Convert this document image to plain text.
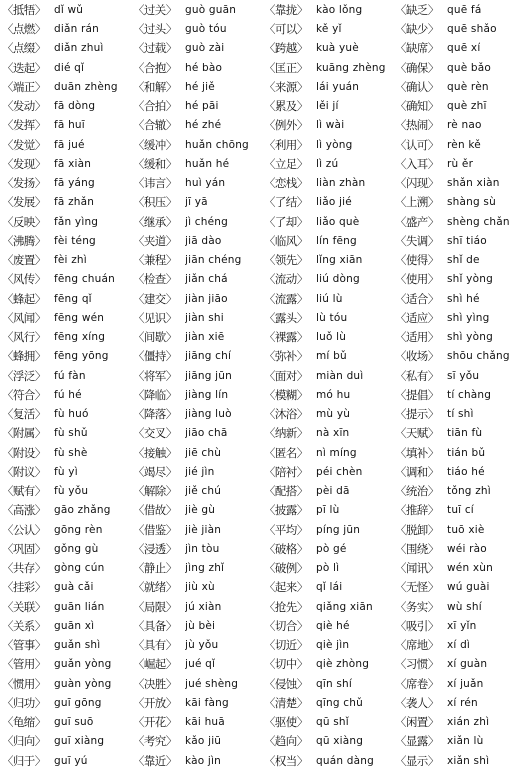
〈抵牾〉 dǐ wǔ
〈点燃〉 diǎn rán
〈点缀〉 diǎn zhuì
〈迭起〉 dié qǐ
〈端正〉 duān zhèng
〈发动〉 fā dòng
〈发挥〉 fā huī
〈发觉〉 fā jué
〈发现〉 fā xiàn
〈发扬〉 fā yáng
〈发展〉 fā zhǎn
〈反映〉 fǎn yìng
〈沸腾〉 fèi téng
〈废置〉 fèi zhì
〈风传〉 fēng chuán
〈蜂起〉 fēng qǐ
〈风闻〉 fēng wén
〈风行〉 fēng xíng
〈蜂拥〉 fēng yōng
〈浮泛〉 fú fàn
〈符合〉 fú hé
〈复活〉 fù huó
〈附属〉 fù shǔ
〈附设〉 fù shè
〈附议〉 fù yì
〈赋有〉 fù yǒu
〈高涨〉 gāo zhǎng
〈公认〉 gōng rèn
〈巩固〉 gǒng gù
〈共存〉 gòng cún
〈挂彩〉 guà cǎi
〈关联〉 guān lián
〈关系〉 guān xì
〈管事〉 guǎn shì
〈管用〉 guǎn yòng
〈惯用〉 guàn yòng
〈归功〉 guī gōng
〈龟缩〉 guī suō
〈归向〉 guī xiàng
〈归于〉 guī yú
〈过关〉 guò guān
〈过头〉 guò tóu
〈过载〉 guò zài
〈合抱〉 hé bào
〈和解〉 hé jiě
〈合拍〉 hé pāi
〈合辙〉 hé zhé
〈缓冲〉 huǎn chōng
〈缓和〉 huǎn hé
〈讳言〉 huì yán
〈积压〉 jī yā
〈继承〉 jì chéng
〈夹道〉 jiā dào
〈兼程〉 jiān chéng
〈检查〉 jiǎn chá
〈建交〉 jiàn jiāo
〈见识〉 jiàn shi
〈间歇〉 jiàn xiē
〈僵持〉 jiāng chí
〈将军〉 jiāng jūn
〈降临〉 jiàng lín
〈降落〉 jiàng luò
〈交叉〉 jiāo chā
〈接触〉 jiē chù
〈竭尽〉 jié jìn
〈解除〉 jiě chú
〈借故〉 jiè gù
〈借鉴〉 jiè jiàn
〈浸透〉 jìn tòu
〈静止〉 jìng zhǐ
〈就绪〉 jiù xù
〈局限〉 jú xiàn
〈具备〉 jù bèi
〈具有〉 jù yǒu
〈崛起〉 jué qǐ
〈决胜〉 jué shèng
〈开放〉 kāi fàng
〈开花〉 kāi huā
〈考究〉 kǎo jiū
〈靠近〉 kào jìn
〈靠拢〉 kào lǒng
〈可以〉 kě yǐ
〈跨越〉 kuà yuè
〈匡正〉 kuāng zhèng
〈来源〉 lái yuán
〈累及〉 lěi jí
〈例外〉 lì wài
〈利用〉 lì yòng
〈立足〉 lì zú
〈恋栈〉 liàn zhàn
〈了结〉 liǎo jié
〈了却〉 liǎo què
〈临风〉 lín fēng
〈领先〉 lǐng xiān
〈流动〉 liú dòng
〈流露〉 liú lù
〈露头〉 lù tóu
〈裸露〉 luǒ lù
〈弥补〉 mí bǔ
〈面对〉 miàn duì
〈模糊〉 mó hu
〈沐浴〉 mù yù
〈纳新〉 nà xīn
〈匿名〉 nì míng
〈陪衬〉 péi chèn
〈配搭〉 pèi dā
〈披露〉 pī lù
〈平均〉 píng jūn
〈破格〉 pò gé
〈破例〉 pò lì
〈起来〉 qǐ lái
〈抢先〉 qiǎng xiān
〈切合〉 qiè hé
〈切近〉 qiè jìn
〈切中〉 qiè zhòng
〈侵蚀〉 qīn shí
〈清楚〉 qīng chǔ
〈驱使〉 qū shǐ
〈趋向〉 qū xiàng
〈权当〉 quán dàng
〈缺乏〉 quē fá
〈缺少〉 quē shǎo
〈缺席〉 quē xí
〈确保〉 què bǎo
〈确认〉 què rèn
〈确知〉 què zhī
〈热闹〉 rè nao
〈认可〉 rèn kě
〈入耳〉 rù ěr
〈闪现〉 shǎn xiàn
〈上溯〉 shàng sù
〈盛产〉 shèng chǎn
〈失调〉 shī tiáo
〈使得〉 shǐ de
〈使用〉 shǐ yòng
〈适合〉 shì hé
〈适应〉 shì yìng
〈适用〉 shì yòng
〈收场〉 shōu chǎng
〈私有〉 sī yǒu
〈提倡〉 tí chàng
〈提示〉 tí shì
〈天赋〉 tiān fù
〈填补〉 tián bǔ
〈调和〉 tiáo hé
〈统治〉 tǒng zhì
〈推辞〉 tuī cí
〈脱卸〉 tuō xiè
〈围绕〉 wéi rào
〈闻讯〉 wén xùn
〈无怪〉 wú guài
〈务实〉 wù shí
〈吸引〉 xī yǐn
〈席地〉 xí dì
〈习惯〉 xí guàn
〈席卷〉 xí juǎn
〈袭人〉 xí rén
〈闲置〉 xián zhì
〈显露〉 xiǎn lù
〈显示〉 xiǎn shì
